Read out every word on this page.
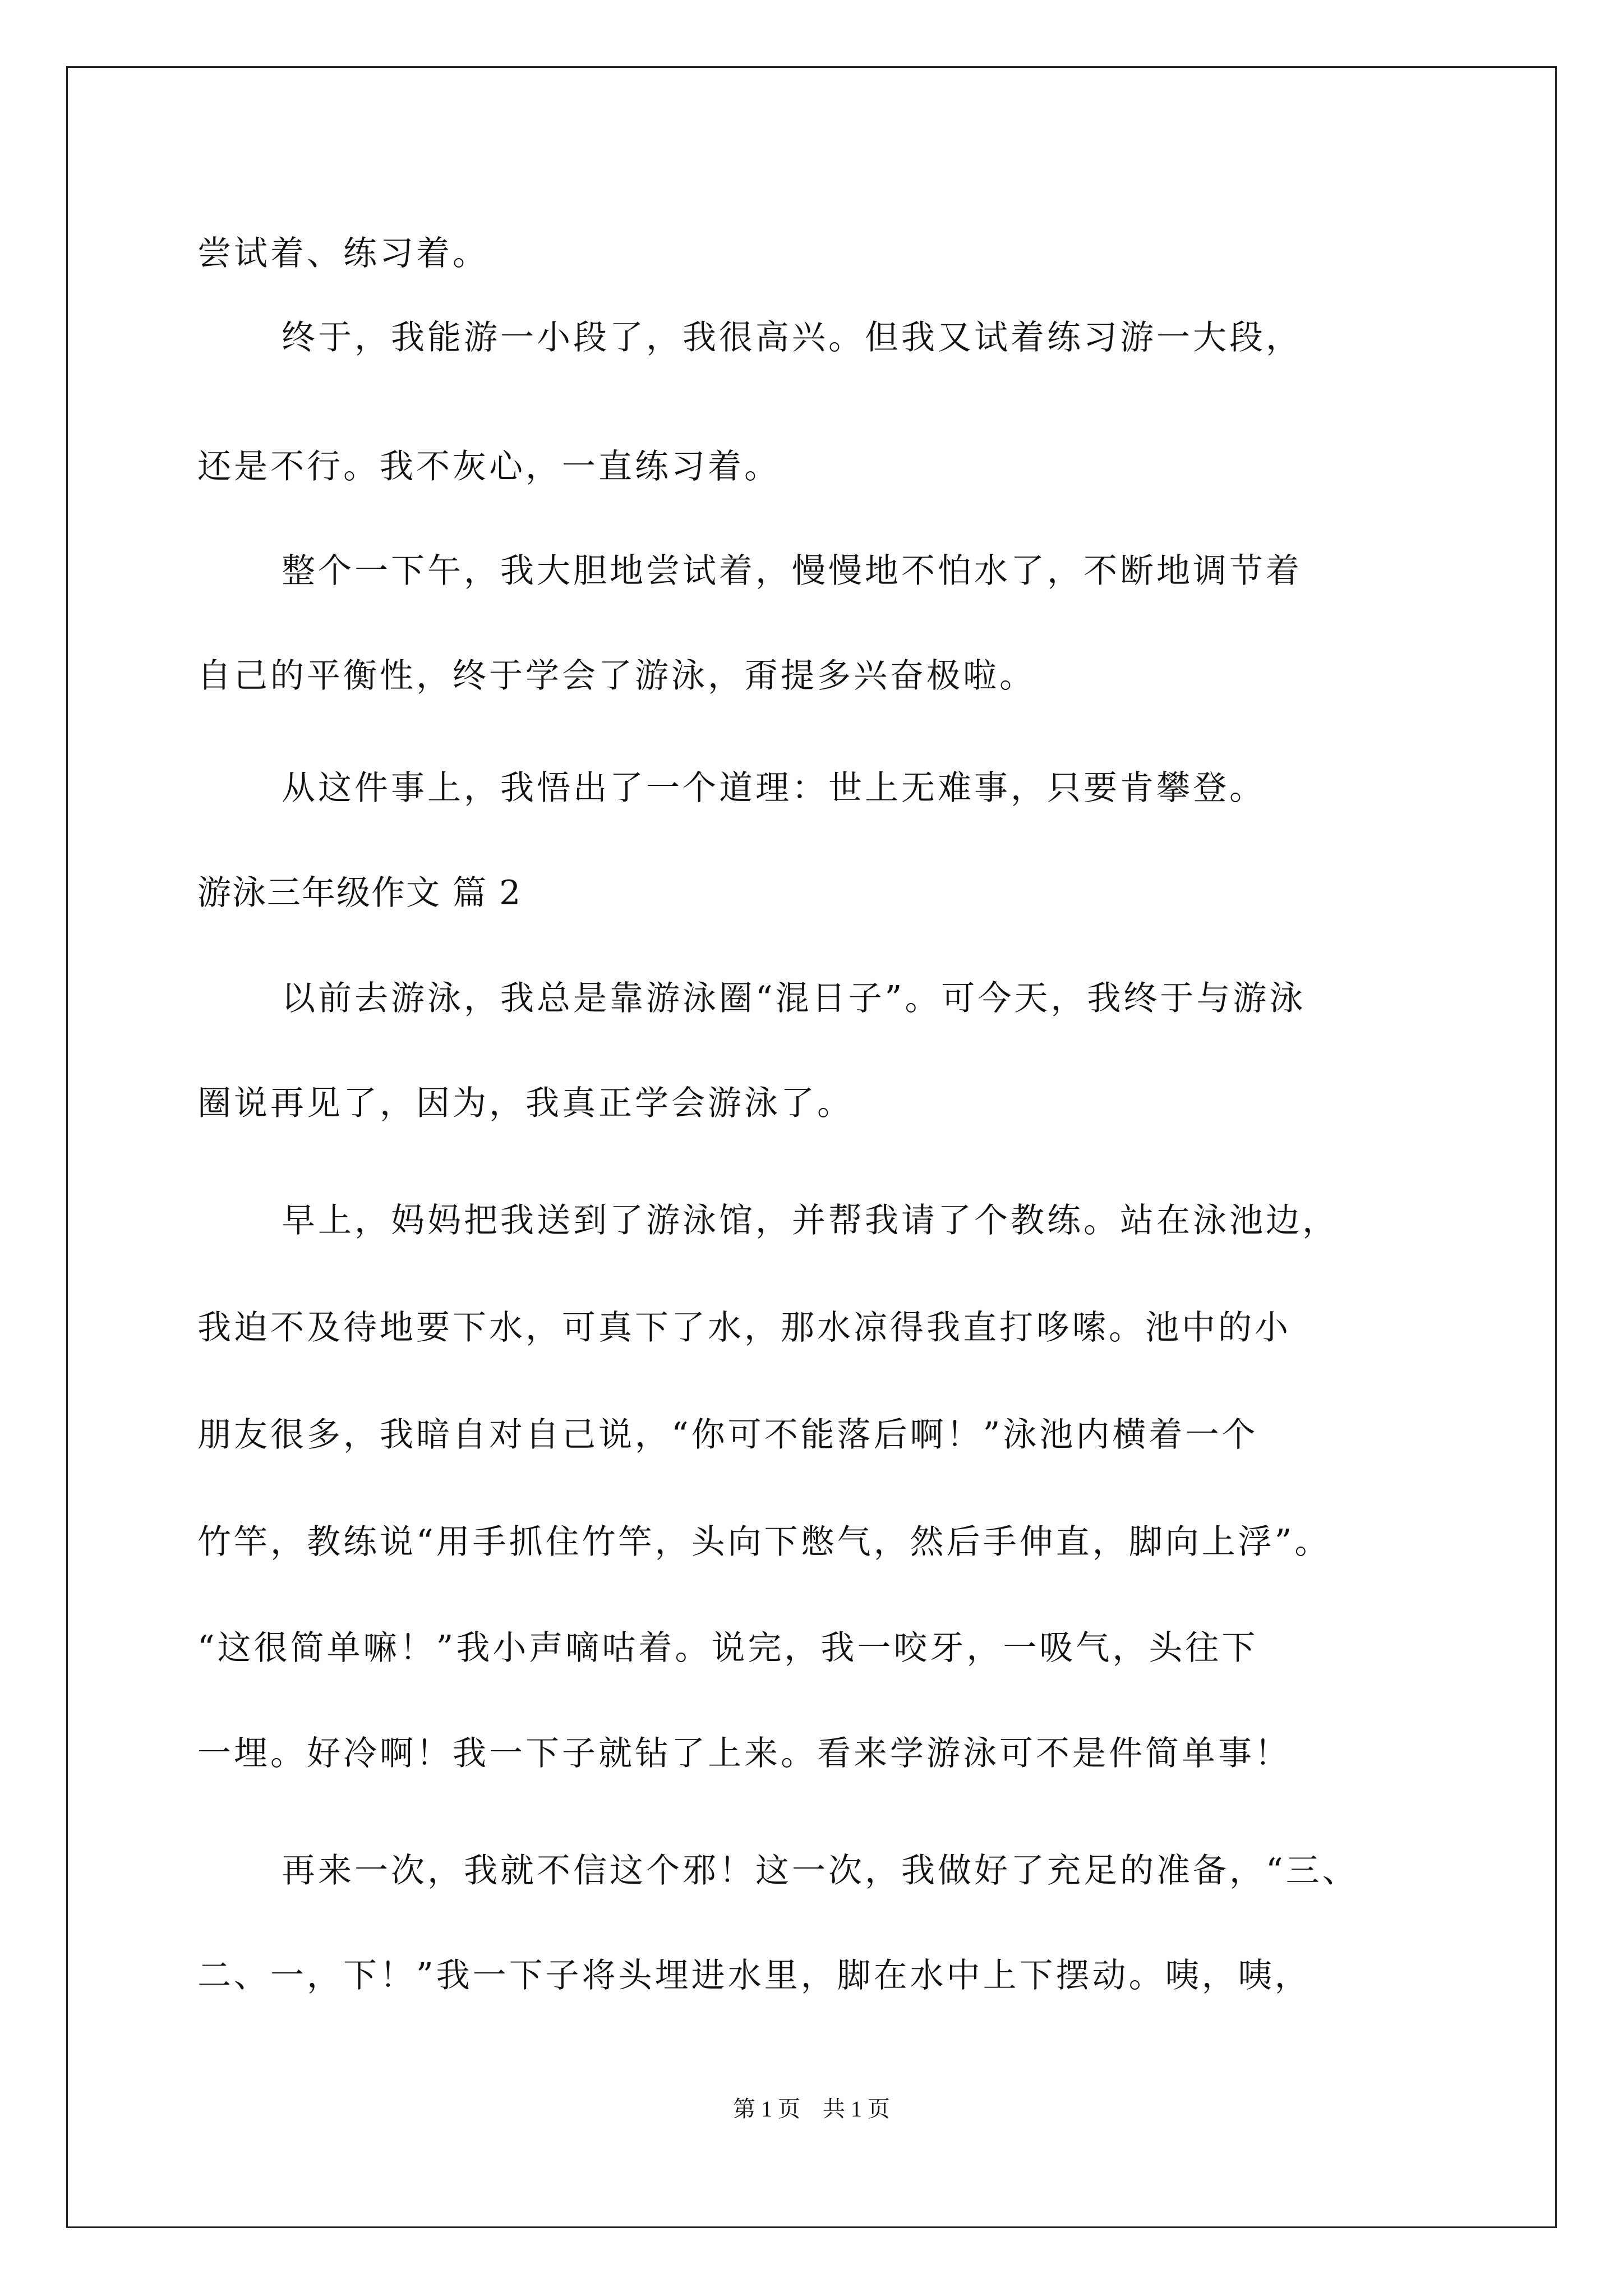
尝试着、练习着。
终于，我能游一小段了，我很高兴。但我又试着练习游一大段，
还是不行。我不灰心，一直练习着。
整个一下午，我大胆地尝试着，慢慢地不怕水了，不断地调节着
自己的平衡性，终于学会了游泳，甭提多兴奋极啦。
从这件事上，我悟出了一个道理：世上无难事，只要肯攀登。
游泳三年级作文 篇 2
以前去游泳，我总是靠游泳圈“混日子”。可今天，我终于与游泳
圈说再见了，因为，我真正学会游泳了。
早上，妈妈把我送到了游泳馆，并帮我请了个教练。站在泳池边，
我迫不及待地要下水，可真下了水，那水凉得我直打哆嗦。池中的小
朋友很多，我暗自对自己说，“你可不能落后啊！”泳池内横着一个
竹竿，教练说“用手抓住竹竿，头向下憋气，然后手伸直，脚向上浮”。
“这很简单嘛！”我小声嘀咕着。说完，我一咬牙，一吸气，头往下
一埋。好冷啊！我一下子就钻了上来。看来学游泳可不是件简单事！
再来一次，我就不信这个邪！这一次，我做好了充足的准备，“三、
二、一，下！”我一下子将头埋进水里，脚在水中上下摆动。咦，咦，
第 1 页　共 1 页
